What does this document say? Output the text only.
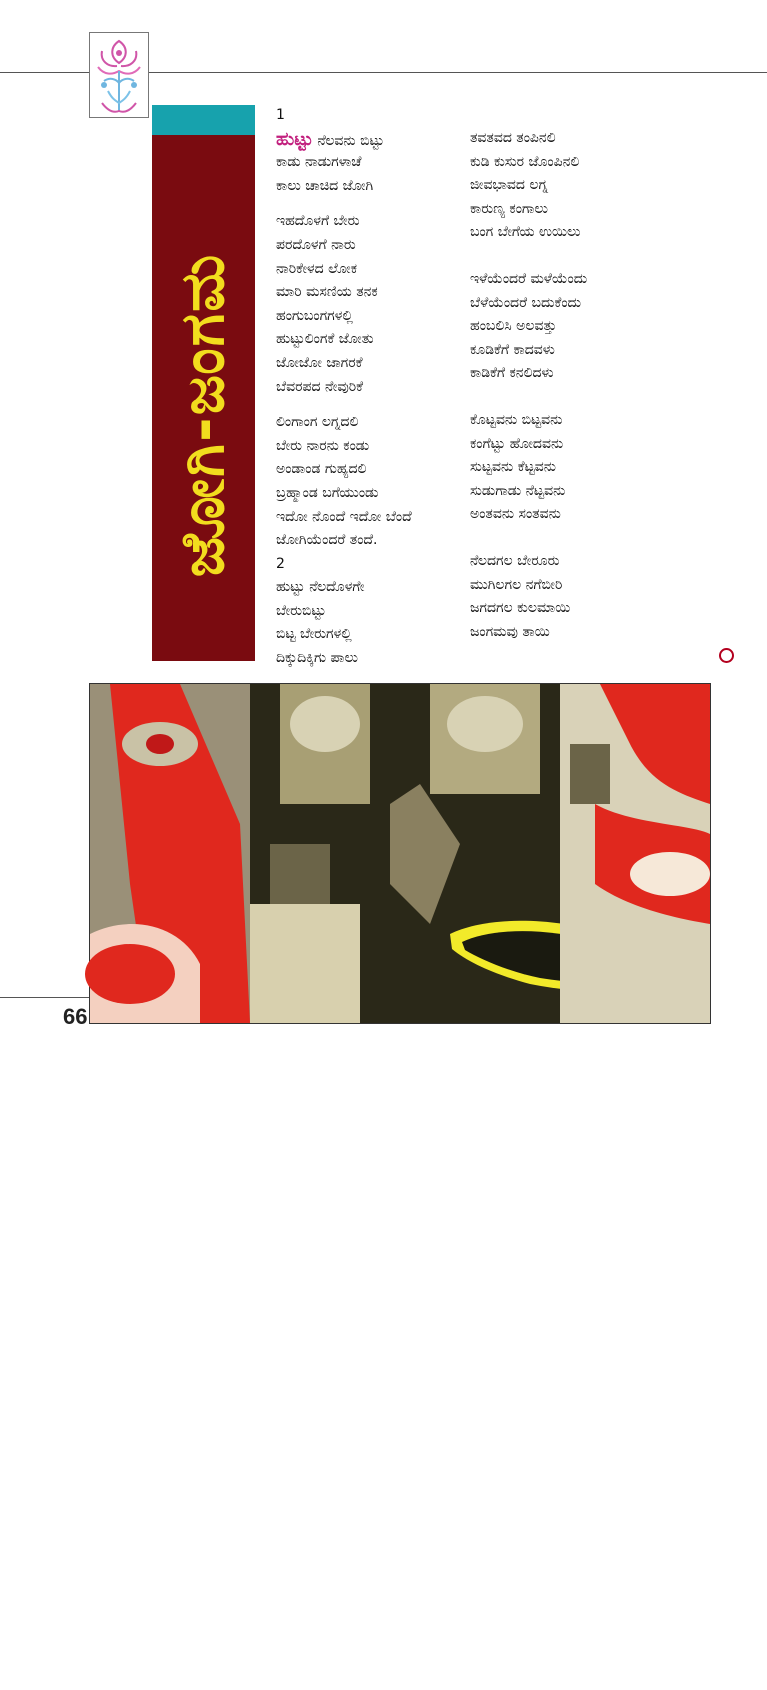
ಜೋಗಿ-ಜಂಗಮ
1
ಹುಟ್ಟು ನೆಲವನು ಬಿಟ್ಟು
ಕಾಡು ನಾಡುಗಳಾಚೆ
ಕಾಲು ಚಾಚಿದ ಜೋಗಿ
ಇಹದೊಳಗೆ ಬೇರು
ಪರದೊಳಗೆ ನಾರು
ನಾರಿಕೇಳದ ಲೋಕ
ಮಾರಿ ಮಸಣಿಯ ತನಕ
ಹಂಗುಬಂಗಗಳಲ್ಲಿ
ಹುಟ್ಟುಲಿಂಗಕೆ ಜೋತು
ಜೋಜೋ ಜಾಗರಕೆ
ಬೆವರಪದ ನೇವುರಿಕೆ
ಲಿಂಗಾಂಗ ಲಗ್ನದಲಿ
ಬೇರು ನಾರನು ಕಂಡು
ಅಂಡಾಂಡ ಗುಹ್ಯದಲಿ
ಬ್ರಹ್ಮಾಂಡ ಬಗೆಯುಂಡು
ಇದೋ ನೊಂದೆ ಇದೋ ಬೆಂದೆ
ಜೋಗಿಯೆಂದರೆ ತಂದೆ.
2
ಹುಟ್ಟು ನೆಲದೊಳಗೇ
ಬೇರುಬಿಟ್ಟು
ಬಿಟ್ಟ ಬೇರುಗಳಲ್ಲಿ
ದಿಕ್ಕುದಿಕ್ಕಿಗು ಪಾಲು
ತವತವದ ತಂಪಿನಲಿ
ಕುಡಿ ಕುಸುರ ಜೊಂಪಿನಲಿ
ಜೀವಭಾವದ ಲಗ್ನ
ಕಾರುಣ್ಯ ಕಂಗಾಲು
ಬಂಗ ಬೇಗೆಯ ಉಯಿಲು
ಇಳೆಯೆಂದರೆ ಮಳೆಯೆಂದು
ಬೆಳೆಯೆಂದರೆ ಬದುಕೆಂದು
ಹಂಬಲಿಸಿ ಅಲವತ್ತು
ಕೂಡಿಕೆಗೆ ಕಾದವಳು
ಕಾಡಿಕೆಗೆ ಕನಲಿದಳು
ಕೊಟ್ಟವನು ಬಿಟ್ಟವನು
ಕಂಗೆಟ್ಟು ಹೋದವನು
ಸುಟ್ಟವನು ಕೆಟ್ಟವನು
ಸುಡುಗಾಡು ನೆಟ್ಟವನು
ಅಂತವನು ಸಂತವನು
ನೆಲದಗಲ ಬೇರೂರು
ಮುಗಿಲಗಲ ನಗೆಬೀರಿ
ಜಗದಗಲ ಕುಲಮಾಯಿ
ಜಂಗಮವು ತಾಯಿ
Vishnu
66
